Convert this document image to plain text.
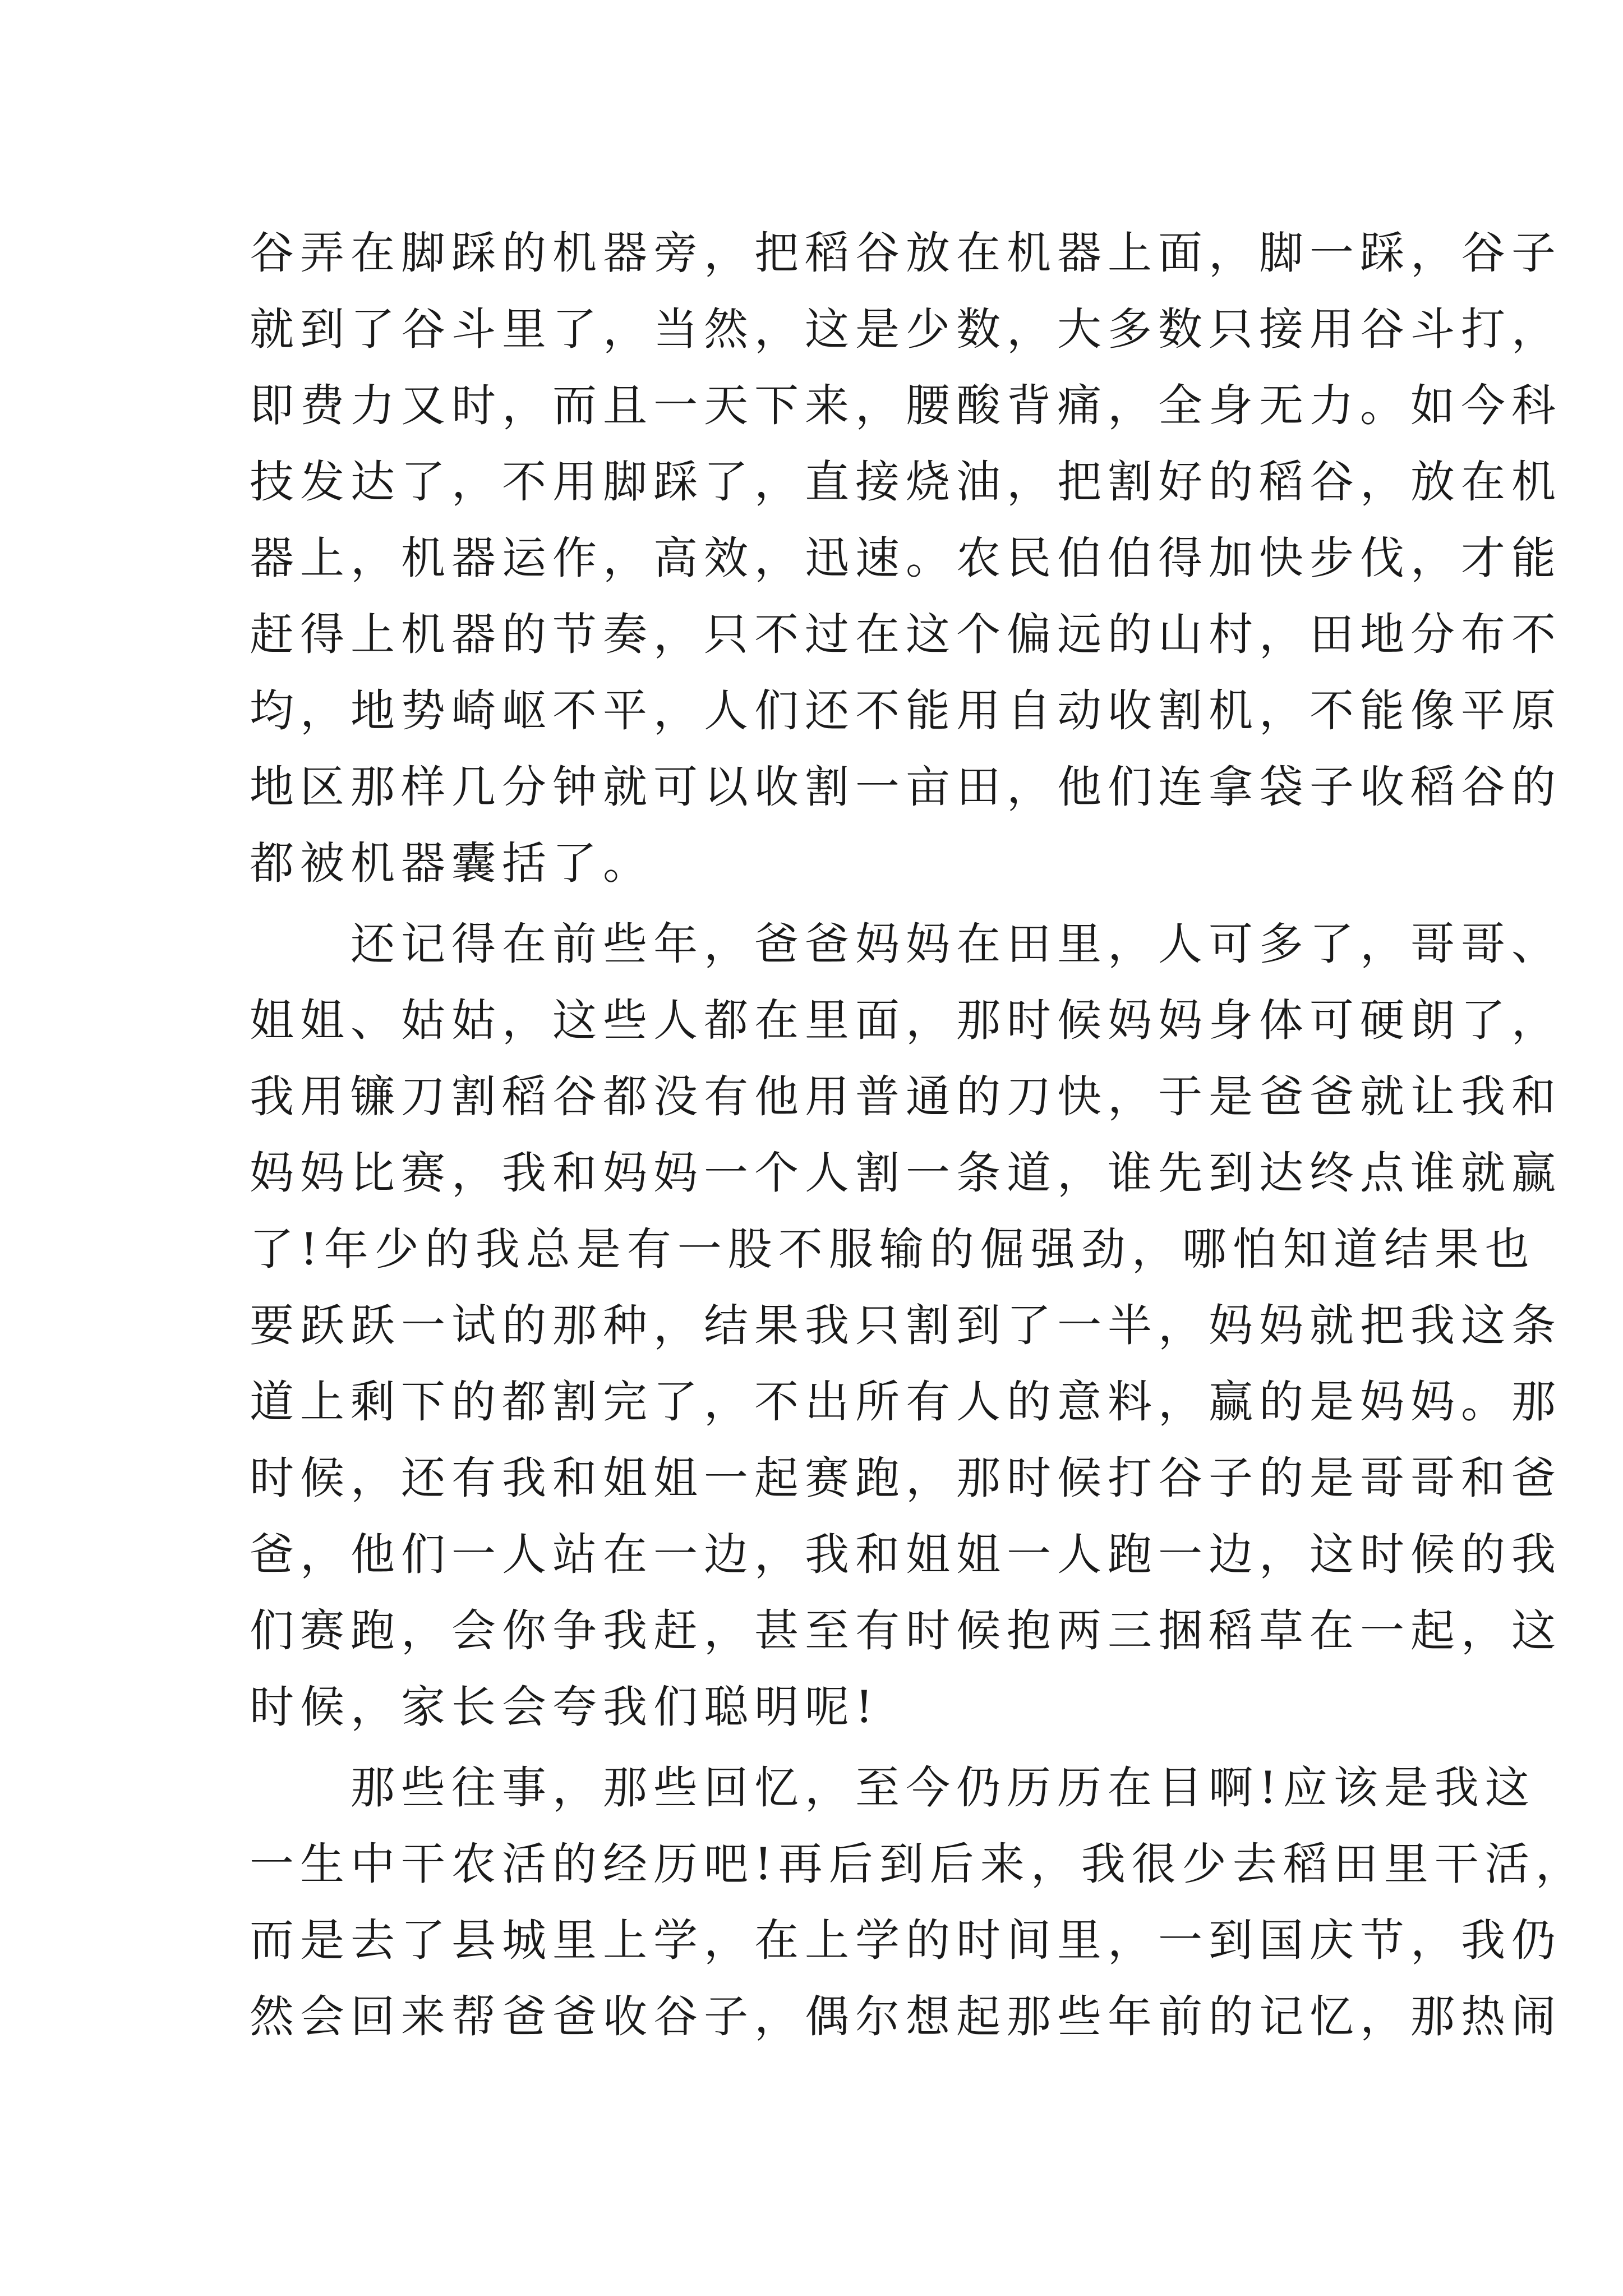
谷弄在脚踩的机器旁，把稻谷放在机器上面，脚一踩，谷子
就到了谷斗里了，当然，这是少数，大多数只接用谷斗打，
即费力又时，而且一天下来，腰酸背痛，全身无力。如今科
技发达了，不用脚踩了，直接烧油，把割好的稻谷，放在机
器上，机器运作，高效，迅速。农民伯伯得加快步伐，才能
赶得上机器的节奏，只不过在这个偏远的山村，田地分布不
均，地势崎岖不平，人们还不能用自动收割机，不能像平原
地区那样几分钟就可以收割一亩田，他们连拿袋子收稻谷的
都被机器囊括了。
　　还记得在前些年，爸爸妈妈在田里，人可多了，哥哥、
姐姐、姑姑，这些人都在里面，那时候妈妈身体可硬朗了，
我用镰刀割稻谷都没有他用普通的刀快，于是爸爸就让我和
妈妈比赛，我和妈妈一个人割一条道，谁先到达终点谁就赢
了!年少的我总是有一股不服输的倔强劲，哪怕知道结果也
要跃跃一试的那种，结果我只割到了一半，妈妈就把我这条
道上剩下的都割完了，不出所有人的意料，赢的是妈妈。那
时候，还有我和姐姐一起赛跑，那时候打谷子的是哥哥和爸
爸，他们一人站在一边，我和姐姐一人跑一边，这时候的我
们赛跑，会你争我赶，甚至有时候抱两三捆稻草在一起，这
时候，家长会夸我们聪明呢!
　　那些往事，那些回忆，至今仍历历在目啊!应该是我这
一生中干农活的经历吧!再后到后来，我很少去稻田里干活，
而是去了县城里上学，在上学的时间里，一到国庆节，我仍
然会回来帮爸爸收谷子，偶尔想起那些年前的记忆，那热闹
